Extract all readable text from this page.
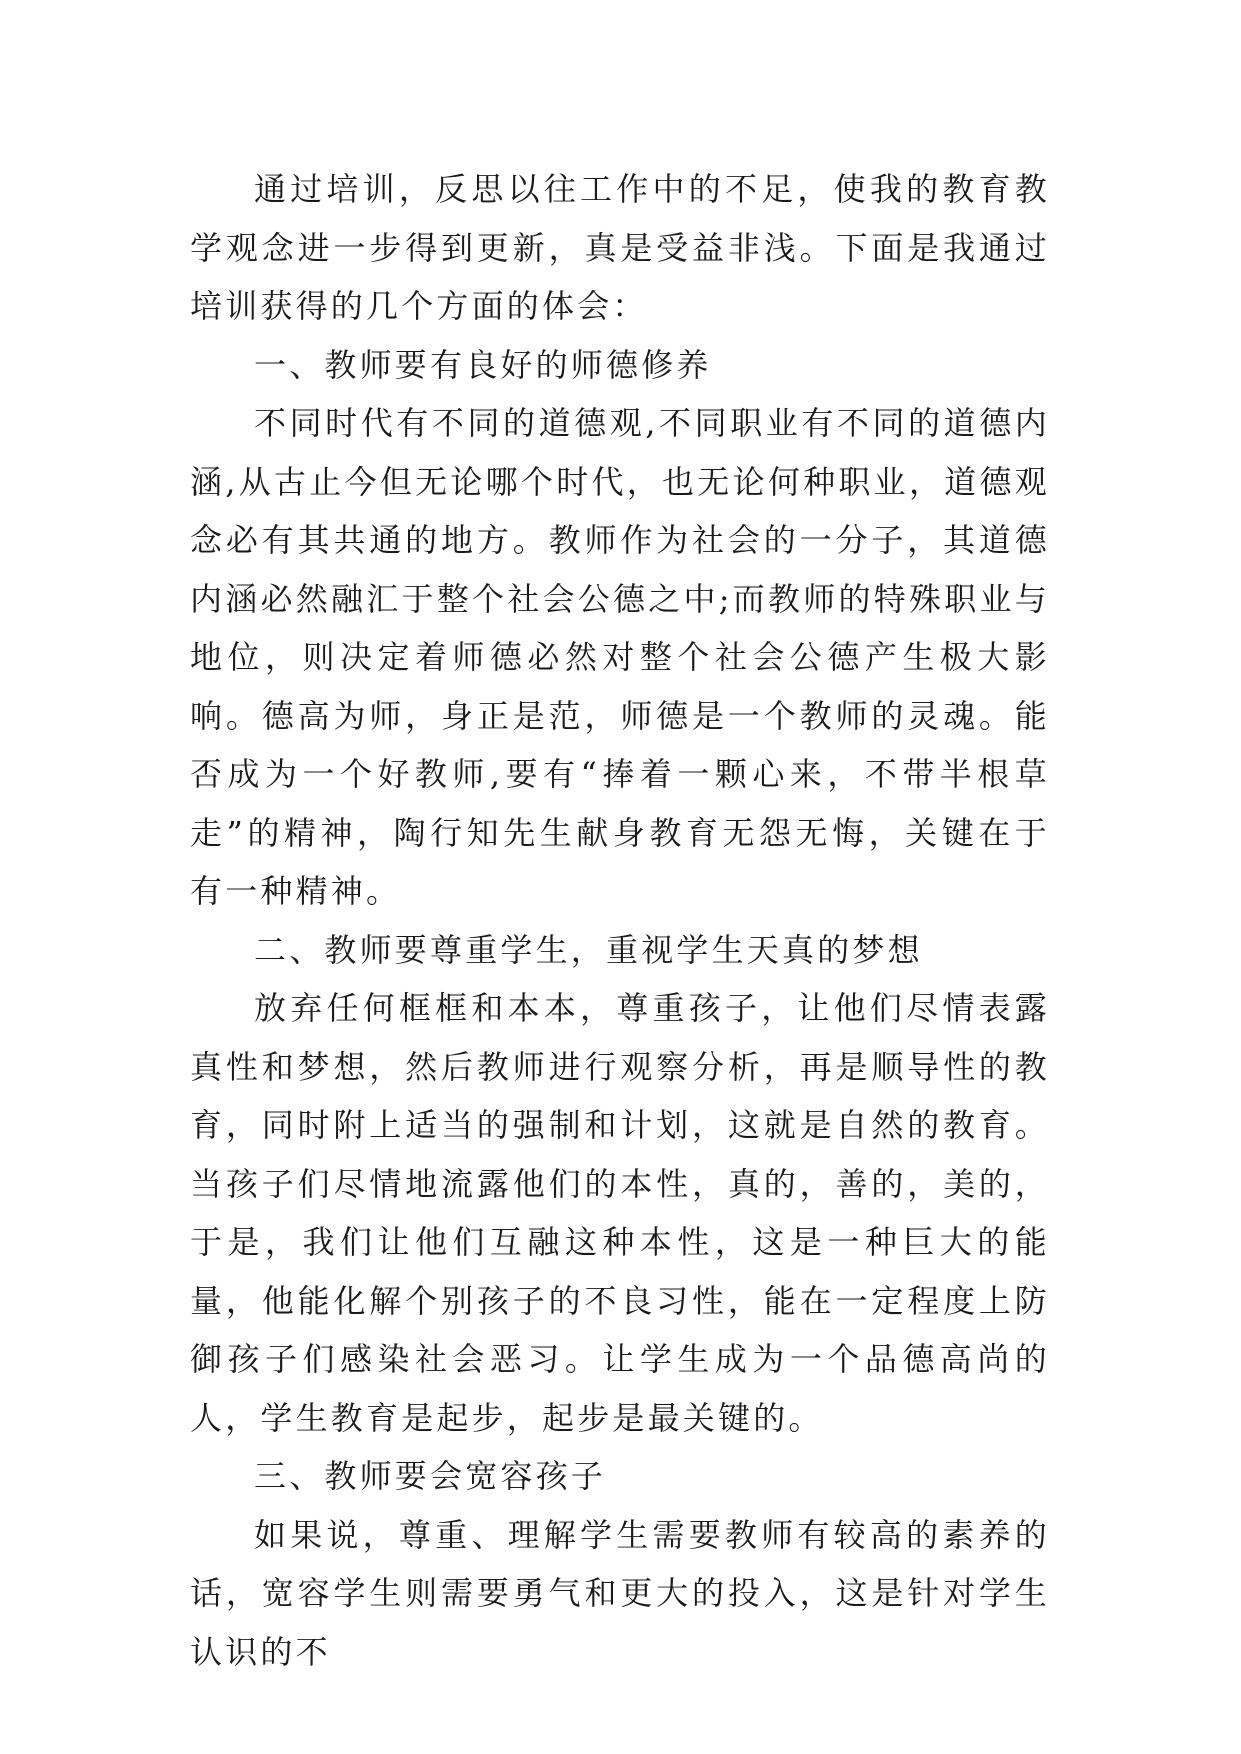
通过培训，反思以往工作中的不足，使我的教育教学观念进一步得到更新，真是受益非浅。下面是我通过培训获得的几个方面的体会：

一、教师要有良好的师德修养

不同时代有不同的道德观,不同职业有不同的道德内涵,从古止今但无论哪个时代，也无论何种职业，道德观念必有其共通的地方。教师作为社会的一分子，其道德内涵必然融汇于整个社会公德之中;而教师的特殊职业与地位，则决定着师德必然对整个社会公德产生极大影响。德高为师，身正是范，师德是一个教师的灵魂。能否成为一个好教师,要有“捧着一颗心来，不带半根草走”的精神，陶行知先生献身教育无怨无悔，关键在于有一种精神。

二、教师要尊重学生，重视学生天真的梦想

放弃任何框框和本本，尊重孩子，让他们尽情表露真性和梦想，然后教师进行观察分析，再是顺导性的教育，同时附上适当的强制和计划，这就是自然的教育。当孩子们尽情地流露他们的本性，真的，善的，美的，于是，我们让他们互融这种本性，这是一种巨大的能量，他能化解个别孩子的不良习性，能在一定程度上防御孩子们感染社会恶习。让学生成为一个品德高尚的人，学生教育是起步，起步是最关键的。

三、教师要会宽容孩子

如果说，尊重、理解学生需要教师有较高的素养的话，宽容学生则需要勇气和更大的投入，这是针对学生认识的不
